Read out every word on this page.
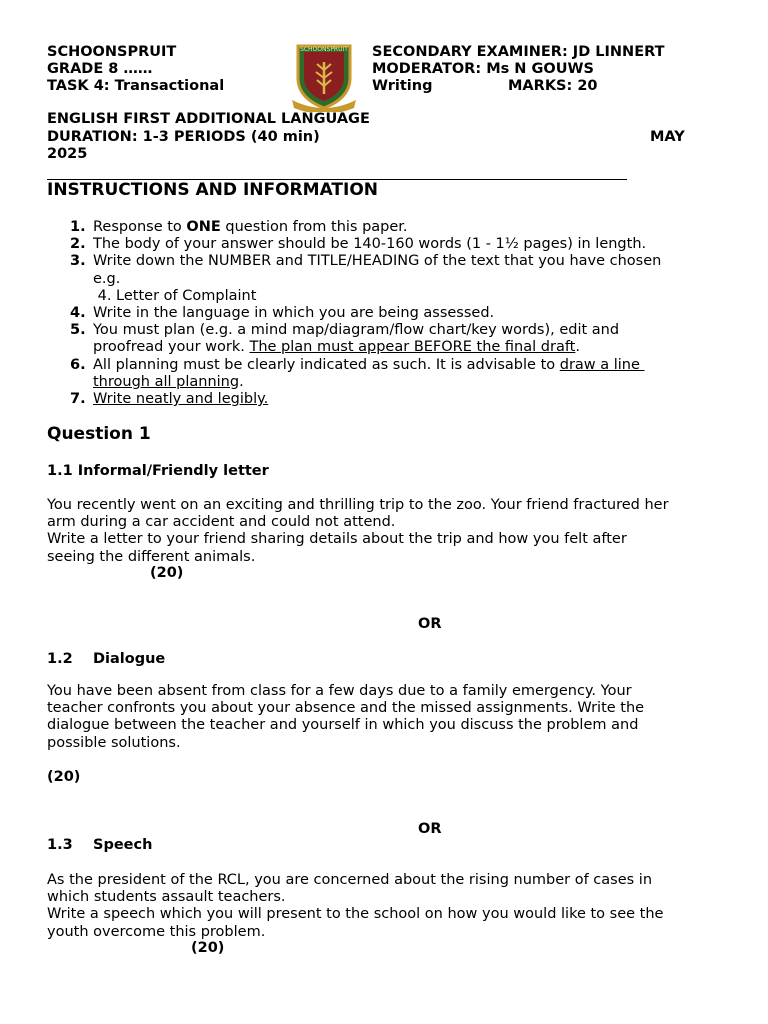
SCHOONSPRUIT
GRADE 8 ……
TASK 4: Transactional
SCHOONSPRUIT SECONDARY EXAMINER: JD LINNERT
MODERATOR: Ms N GOUWS
Writing	MARKS: 20
ENGLISH FIRST ADDITIONAL LANGUAGE
DURATION: 1-3 PERIODS (40 min)	MAY
2025
INSTRUCTIONS AND INFORMATION
1. Response to ONE question from this paper.
2. The body of your answer should be 140-160 words (1 - 1½ pages) in length.
3. Write down the NUMBER and TITLE/HEADING of the text that you have chosen
e.g.
4. Letter of Complaint
4. Write in the language in which you are being assessed.
5. You must plan (e.g. a mind map/diagram/flow chart/key words), edit and
proofread your work. The plan must appear BEFORE the final draft.
6. All planning must be clearly indicated as such. It is advisable to draw a line
through all planning.
7. Write neatly and legibly.
Question 1
1.1 Informal/Friendly letter

You recently went on an exciting and thrilling trip to the zoo. Your friend fractured her

arm during a car accident and could not attend.

Write a letter to your friend sharing details about the trip and how you felt after

seeing the different animals.

(20)
OR
1.2 Dialogue

You have been absent from class for a few days due to a family emergency. Your

teacher confronts you about your absence and the missed assignments. Write the

dialogue between the teacher and yourself in which you discuss the problem and

possible solutions.

(20)
OR
1.3 Speech

As the president of the RCL, you are concerned about the rising number of cases in

which students assault teachers.

Write a speech which you will present to the school on how you would like to see the

youth overcome this problem.

(20)
